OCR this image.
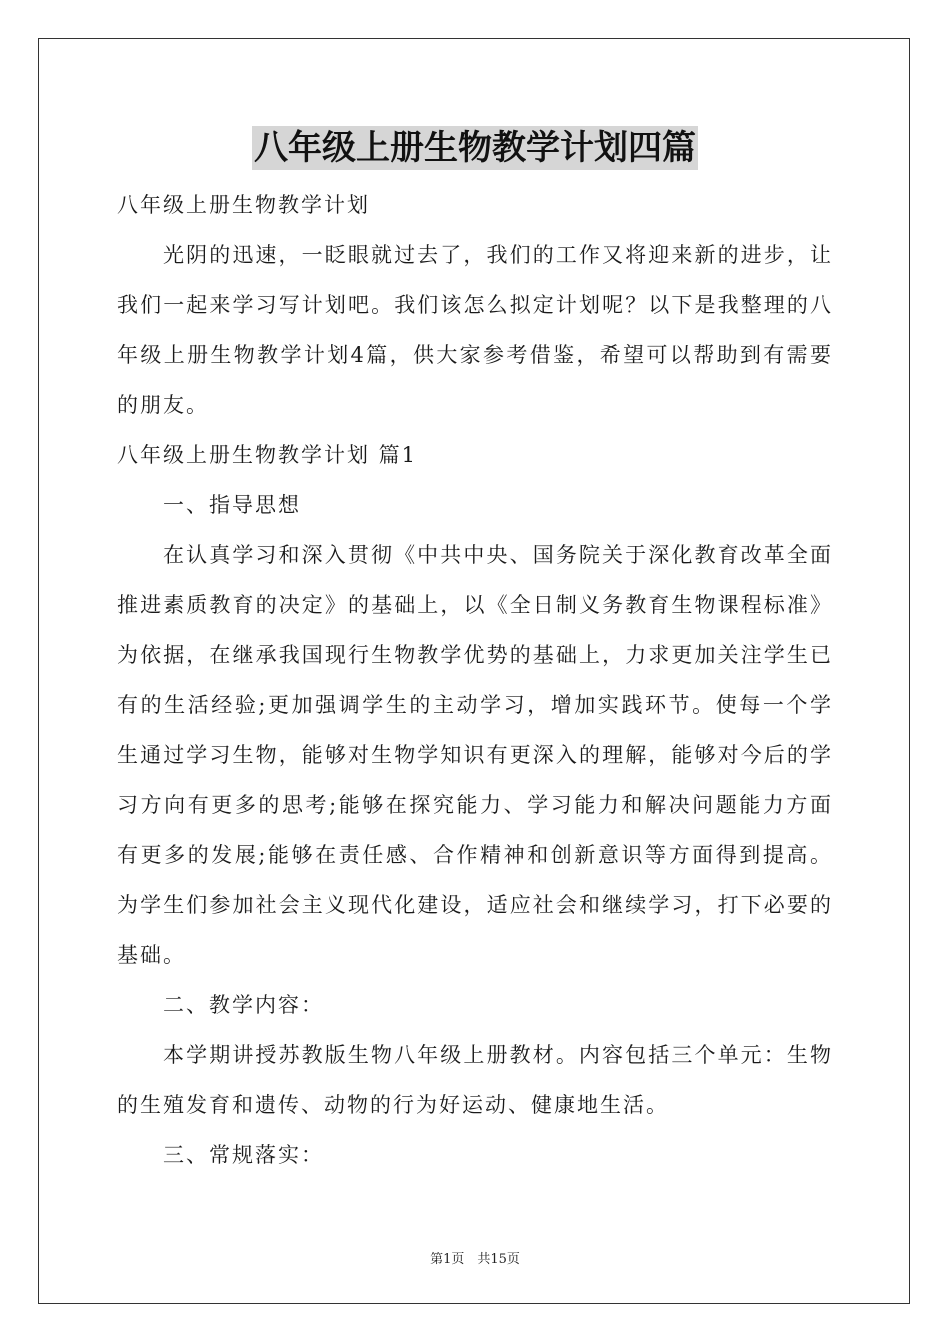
八年级上册生物教学计划四篇

八年级上册生物教学计划

光阴的迅速，一眨眼就过去了，我们的工作又将迎来新的进步，让我们一起来学习写计划吧。我们该怎么拟定计划呢？以下是我整理的八年级上册生物教学计划4篇，供大家参考借鉴，希望可以帮助到有需要的朋友。

八年级上册生物教学计划 篇1

一、指导思想

在认真学习和深入贯彻《中共中央、国务院关于深化教育改革全面推进素质教育的决定》的基础上，以《全日制义务教育生物课程标准》为依据，在继承我国现行生物教学优势的基础上，力求更加关注学生已有的生活经验;更加强调学生的主动学习，增加实践环节。使每一个学生通过学习生物，能够对生物学知识有更深入的理解，能够对今后的学习方向有更多的思考;能够在探究能力、学习能力和解决问题能力方面有更多的发展;能够在责任感、合作精神和创新意识等方面得到提高。为学生们参加社会主义现代化建设，适应社会和继续学习，打下必要的基础。

二、教学内容：

本学期讲授苏教版生物八年级上册教材。内容包括三个单元：生物的生殖发育和遗传、动物的行为好运动、健康地生活。

三、常规落实：

第1页　共15页
